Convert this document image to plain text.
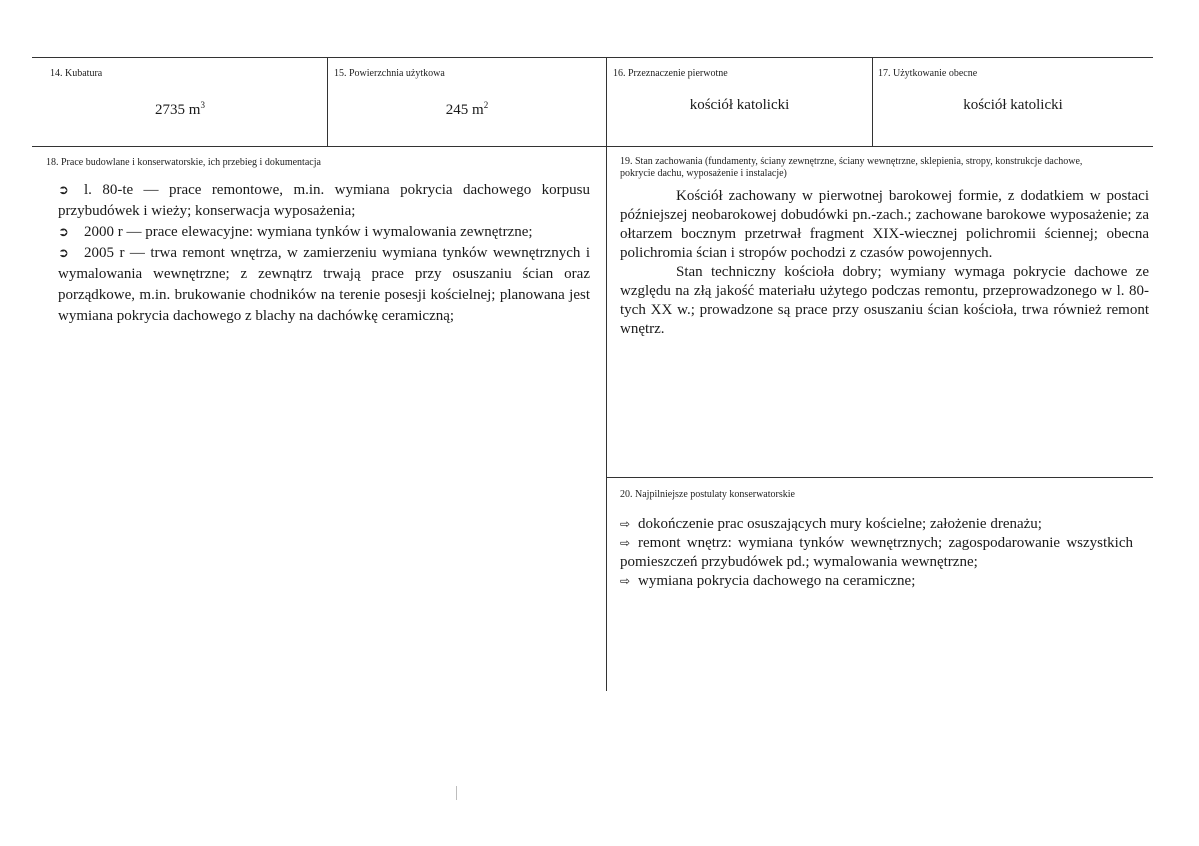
14. Kubatura
2735 $m^3$
15. Powierzchnia użytkowa
245 $m^2$
16. Przeznaczenie pierwotne
kościół katolicki
17. Użytkowanie obecne
kościół katolicki
18. Prace budowlane i konserwatorskie, ich przebieg i dokumentacja
➲ l. 80-te — prace remontowe, m.in. wymiana pokrycia dachowego korpusu przybudówek i wieży; konserwacja wyposażenia;
➲ 2000 r — prace elewacyjne: wymiana tynków i wymalowania zewnętrzne;
➲ 2005 r — trwa remont wnętrza, w zamierzeniu wymiana tynków wewnętrznych i wymalowania wewnętrzne; z zewnątrz trwają prace przy osuszaniu ścian oraz porządkowe, m.in. brukowanie chodników na terenie posesji kościelnej; planowana jest wymiana pokrycia dachowego z blachy na dachówkę ceramiczną;
19. Stan zachowania (fundamenty, ściany zewnętrzne, ściany wewnętrzne, sklepienia, stropy, konstrukcje dachowe, pokrycie dachu, wyposażenie i instalacje)

Kościół zachowany w pierwotnej barokowej formie, z dodatkiem w postaci późniejszej neobarokowej dobudówki pn.-zach.; zachowane barokowe wyposażenie; za ołtarzem bocznym przetrwał fragment XIX-wiecznej polichromii ściennej; obecna polichromia ścian i stropów pochodzi z czasów powojennych.

Stan techniczny kościoła dobry; wymiany wymaga pokrycie dachowe ze względu na złą jakość materiału użytego podczas remontu, przeprowadzonego w l. 80-tych XX w.; prowadzone są prace przy osuszaniu ścian kościoła, trwa również remont wnętrz.

20. Najpilniejsze postulaty konserwatorskie
⇨ dokończenie prac osuszających mury kościelne; założenie drenażu;
⇨ remont wnętrz: wymiana tynków wewnętrznych; zagospodarowanie wszystkich pomieszczeń przybudówek pd.; wymalowania wewnętrzne;
⇨ wymiana pokrycia dachowego na ceramiczne;
